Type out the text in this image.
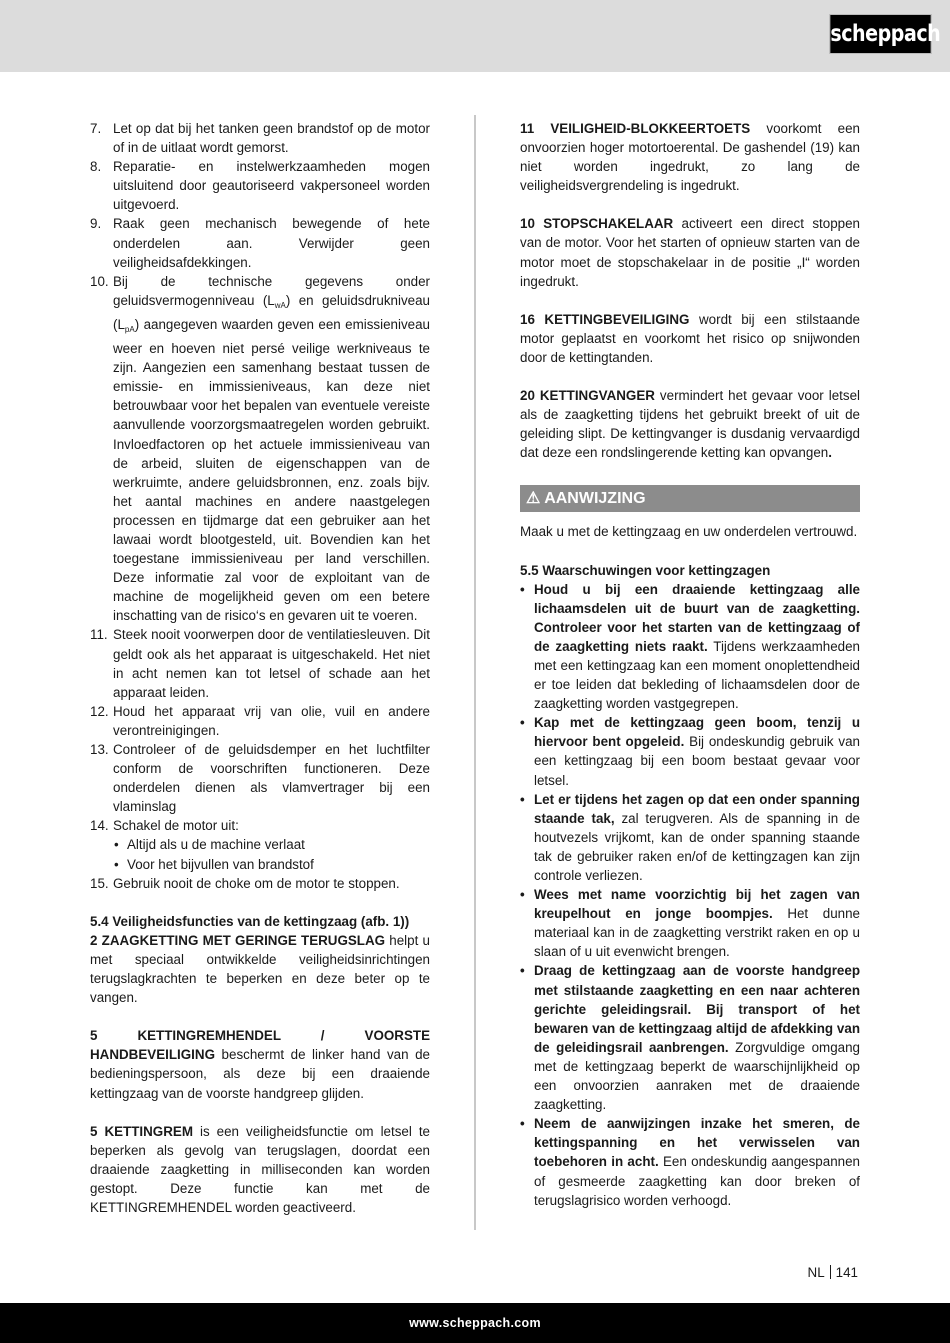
scheppach
7. Let op dat bij het tanken geen brandstof op de motor of in de uitlaat wordt gemorst.
8. Reparatie- en instelwerkzaamheden mogen uitsluitend door geautoriseerd vakpersoneel worden uitgevoerd.
9. Raak geen mechanisch bewegende of hete onderdelen aan. Verwijder geen veiligheidsafdekkingen.
10. Bij de technische gegevens onder geluidsvermogenniveau $(L_{wA})$ en geluidsdrukniveau $(L_{pA})$ aangegeven waarden geven een emissieniveau weer en hoeven niet persé veilige werkniveaus te zijn. Aangezien een samenhang bestaat tussen de emissie- en immissieniveaus, kan deze niet betrouwbaar voor het bepalen van eventuele vereiste aanvullende voorzorgsmaatregelen worden gebruikt. Invloedfactoren op het actuele immissieniveau van de arbeid, sluiten de eigenschappen van de werkruimte, andere geluidsbronnen, enz. zoals bijv. het aantal machines en andere naastgelegen processen en tijdmarge dat een gebruiker aan het lawaai wordt blootgesteld, uit. Bovendien kan het toegestane immissieniveau per land verschillen. Deze informatie zal voor de exploitant van de machine de mogelijkheid geven om een betere inschatting van de risico‘s en gevaren uit te voeren.
11. Steek nooit voorwerpen door de ventilatiesleuven. Dit geldt ook als het apparaat is uitgeschakeld. Het niet in acht nemen kan tot letsel of schade aan het apparaat leiden.
12. Houd het apparaat vrij van olie, vuil en andere verontreinigingen.
13. Controleer of de geluidsdemper en het luchtfilter conform de voorschriften functioneren. Deze onderdelen dienen als vlamvertrager bij een vlaminslag
14. Schakel de motor uit:
• Altijd als u de machine verlaat
• Voor het bijvullen van brandstof
15. Gebruik nooit de choke om de motor te stoppen.
5.4 Veiligheidsfuncties van de kettingzaag (afb. 1))
2 ZAAGKETTING MET GERINGE TERUGSLAG helpt u met speciaal ontwikkelde veiligheidsinrichtingen terugslagkrachten te beperken en deze beter op te vangen.
5 KETTINGREMHENDEL / VOORSTE HANDBEVEILIGING beschermt de linker hand van de bedieningspersoon, als deze bij een draaiende kettingzaag van de voorste handgreep glijden.
5 KETTINGREM is een veiligheidsfunctie om letsel te beperken als gevolg van terugslagen, doordat een draaiende zaagketting in milliseconden kan worden gestopt. Deze functie kan met de KETTINGREMHENDEL worden geactiveerd.
11 VEILIGHEID-BLOKKEERTOETS voorkomt een onvoorzien hoger motortoerental. De gashendel (19) kan niet worden ingedrukt, zo lang de veiligheidsvergrendeling is ingedrukt.
10 STOPSCHAKELAAR activeert een direct stoppen van de motor. Voor het starten of opnieuw starten van de motor moet de stopschakelaar in de positie „I“ worden ingedrukt.
16 KETTINGBEVEILIGING wordt bij een stilstaande motor geplaatst en voorkomt het risico op snijwonden door de kettingtanden.
20 KETTINGVANGER vermindert het gevaar voor letsel als de zaagketting tijdens het gebruikt breekt of uit de geleiding slipt. De kettingvanger is dusdanig vervaardigd dat deze een rondslingerende ketting kan opvangen.
⚠ AANWIJZING
Maak u met de kettingzaag en uw onderdelen vertrouwd.
5.5 Waarschuwingen voor kettingzagen
• Houd u bij een draaiende kettingzaag alle lichaamsdelen uit de buurt van de zaagketting. Controleer voor het starten van de kettingzaag of de zaagketting niets raakt. Tijdens werkzaamheden met een kettingzaag kan een moment onoplettendheid er toe leiden dat bekleding of lichaamsdelen door de zaagketting worden vastgegrepen.
• Kap met de kettingzaag geen boom, tenzij u hiervoor bent opgeleid. Bij ondeskundig gebruik van een kettingzaag bij een boom bestaat gevaar voor letsel.
• Let er tijdens het zagen op dat een onder spanning staande tak, zal terugveren. Als de spanning in de houtvezels vrijkomt, kan de onder spanning staande tak de gebruiker raken en/of de kettingzagen kan zijn controle verliezen.
• Wees met name voorzichtig bij het zagen van kreupelhout en jonge boompjes. Het dunne materiaal kan in de zaagketting verstrikt raken en op u slaan of u uit evenwicht brengen.
• Draag de kettingzaag aan de voorste handgreep met stilstaande zaagketting en een naar achteren gerichte geleidingsrail. Bij transport of het bewaren van de kettingzaag altijd de afdekking van de geleidingsrail aanbrengen. Zorgvuldige omgang met de kettingzaag beperkt de waarschijnlijkheid op een onvoorzien aanraken met de draaiende zaagketting.
• Neem de aanwijzingen inzake het smeren, de kettingspanning en het verwisselen van toebehoren in acht. Een ondeskundig aangespannen of gesmeerde zaagketting kan door breken of terugslagrisico worden verhoogd.
NL 141
www.scheppach.com
